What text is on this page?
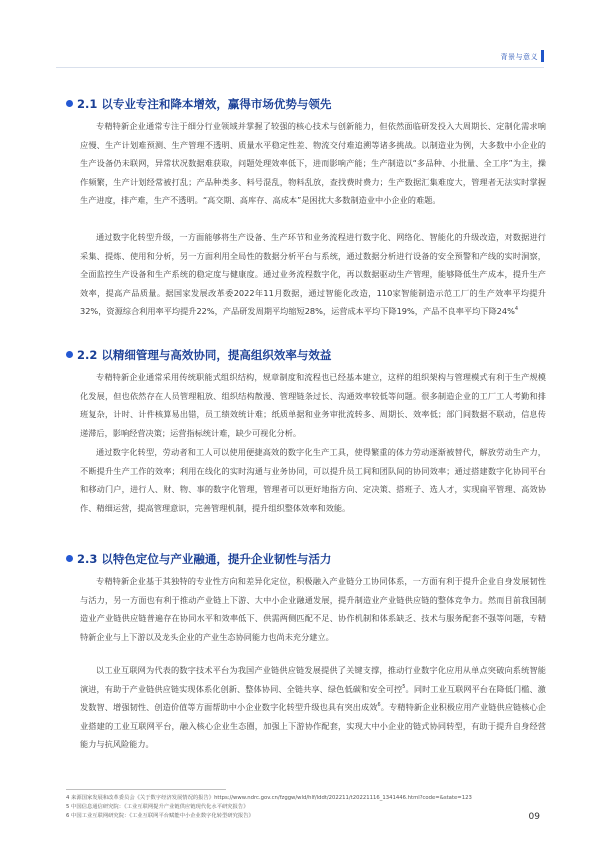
背景与意义
2.1 以专业专注和降本增效，赢得市场优势与领先

专精特新企业通常专注于细分行业领域并掌握了较强的核心技术与创新能力，但依然面临研发投入大周期长、定制化需求响应慢、生产计划难预测、生产管理不透明、质量水平稳定性差、物流交付难追溯等诸多挑战。以制造业为例，大多数中小企业的生产设备仍未联网，异常状况数据难获取，问题处理效率低下，进而影响产能；生产制造以“多品种、小批量、全工序”为主，操作频繁，生产计划经常被打乱；产品种类多、料号混乱，物料乱放，查找费时费力；生产数据汇集难度大，管理者无法实时掌握生产进度，排产难，生产不透明。“高交期、高库存、高成本”是困扰大多数制造业中小企业的难题。

通过数字化转型升级，一方面能够将生产设备、生产环节和业务流程进行数字化、网络化、智能化的升级改造，对数据进行采集、提炼、使用和分析，另一方面利用全局性的数据分析平台与系统，通过数据分析进行设备的安全预警和产线的实时洞察，全面监控生产设备和生产系统的稳定度与健康度。通过业务流程数字化，再以数据驱动生产管理，能够降低生产成本，提升生产效率，提高产品质量。据国家发展改革委2022年11月数据，通过智能化改造，110家智能制造示范工厂的生产效率平均提升32%，资源综合利用率平均提升22%，产品研发周期平均缩短28%，运营成本平均下降19%，产品不良率平均下降24%$^4$

2.2 以精细管理与高效协同，提高组织效率与效益

专精特新企业通常采用传统职能式组织结构，规章制度和流程也已经基本建立，这样的组织架构与管理模式有利于生产规模化发展，但也依然存在人员管理粗放、组织结构散漫、管理链条过长、沟通效率较低等问题。很多制造企业的工厂工人考勤和排班复杂，计时、计件核算易出错，员工绩效统计难；纸质单据和业务审批流转多、周期长、效率低；部门间数据不联动，信息传递滞后，影响经营决策；运营指标统计难，缺少可视化分析。

通过数字化转型，劳动者和工人可以使用便捷高效的数字化生产工具，使得繁重的体力劳动逐渐被替代，解放劳动生产力，不断提升生产工作的效率；利用在线化的实时沟通与业务协同，可以提升员工间和团队间的协同效率；通过搭建数字化协同平台和移动门户，进行人、财、物、事的数字化管理，管理者可以更好地指方向、定决策、搭班子、选人才，实现扁平管理、高效协作、精细运营，提高管理意识，完善管理机制，提升组织整体效率和效能。

2.3 以特色定位与产业融通，提升企业韧性与活力

专精特新企业基于其独特的专业性方向和差异化定位，积极融入产业链分工协同体系，一方面有利于提升企业自身发展韧性与活力，另一方面也有利于推动产业链上下游、大中小企业融通发展，提升制造业产业链供应链的整体竞争力。然而目前我国制造业产业链供应链普遍存在协同水平和效率低下、供需两侧匹配不足、协作机制和体系缺乏、技术与服务配套不强等问题，专精特新企业与上下游以及龙头企业的产业生态协同能力也尚未充分建立。

以工业互联网为代表的数字技术平台为我国产业链供应链发展提供了关键支撑，推动行业数字化应用从单点突破向系统智能演进，有助于产业链供应链实现体系化创新、整体协同、全链共享、绿色低碳和安全可控$^5$。同时工业互联网平台在降低门槛、激发数智、增强韧性、创造价值等方面帮助中小企业数字化转型升级也具有突出成效$^6$。专精特新企业积极应用产业链供应链核心企业搭建的工业互联网平台，融入核心企业生态圈，加强上下游协作配套，实现大中小企业的链式协同转型，有助于提升自身经营能力与抗风险能力。

4 来源国家发展和改革委员会《关于数字经济发展情况的报告》https://www.ndrc.gov.cn/fzggw/wld/hlf/lddt/202211/t20221116_1341446.html?code=&state=123
5 中国信息通信研究院：《工业互联网提升产业链供应链现代化水平研究报告》
6 中国工业互联网研究院：《工业互联网平台赋能中小企业数字化转型研究报告》	09
